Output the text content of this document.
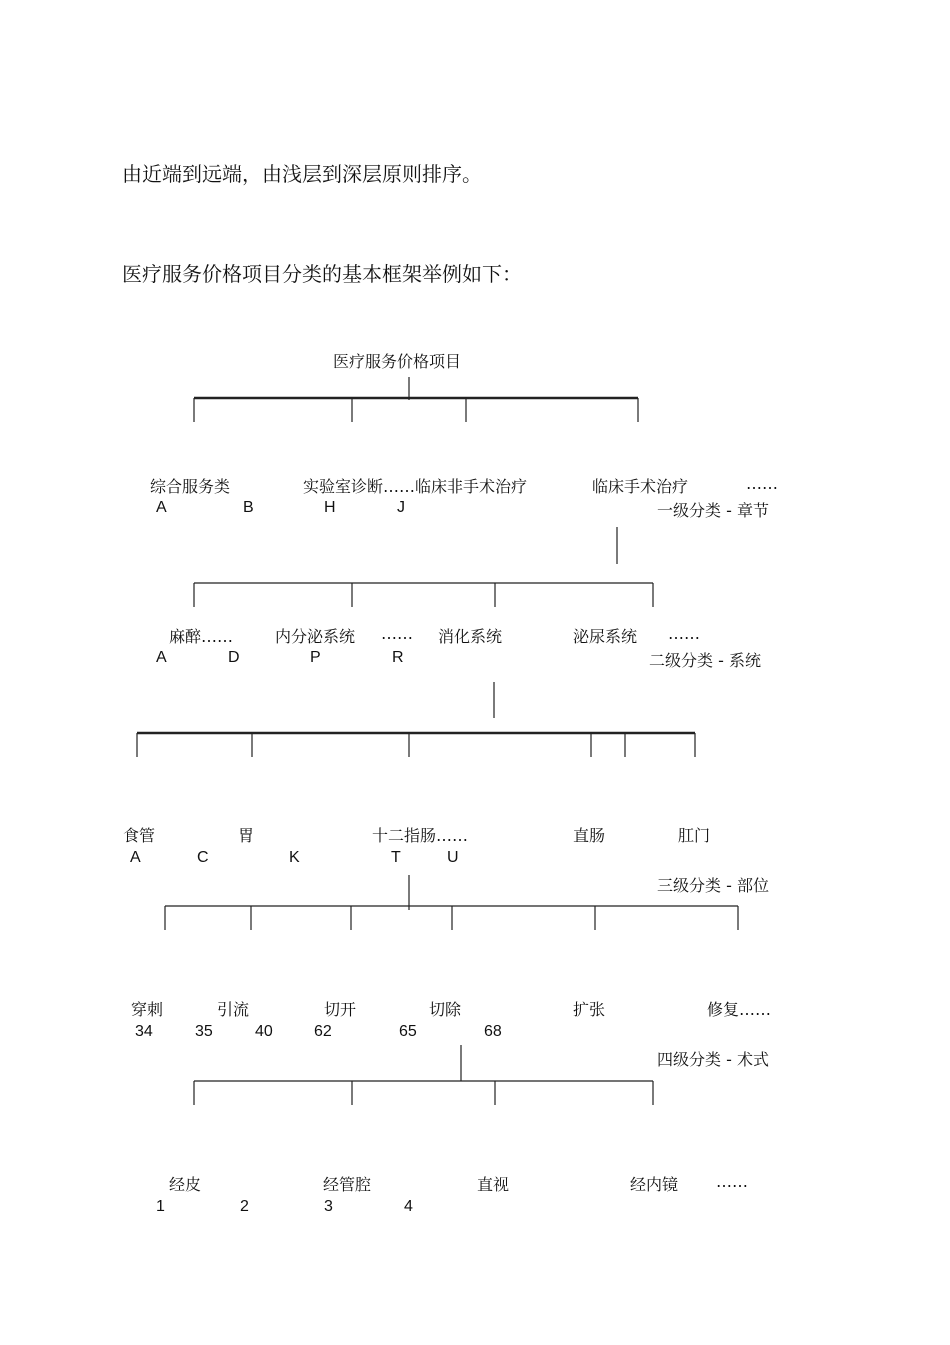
由近端到远端，由浅层到深层原则排序。

医疗服务价格项目分类的基本框架举例如下：

医疗服务价格项目
综合服务类	实验室诊断……临床非手术治疗	临床手术治疗	……
A	B	H	J	一级分类 - 章节
麻醉……	内分泌系统 …… 消化系统	泌尿系统 ……
A	D	P	R	二级分类 - 系统
食管	胃	十二指肠……	直肠	肛门
A	C	K	T	U
三级分类 - 部位
穿刺	引流	切开	切除	扩张	修复……
34	35	40	62	65	68
四级分类 - 术式
经皮	经管腔	直视	经内镜 ……
1	2	3	4
